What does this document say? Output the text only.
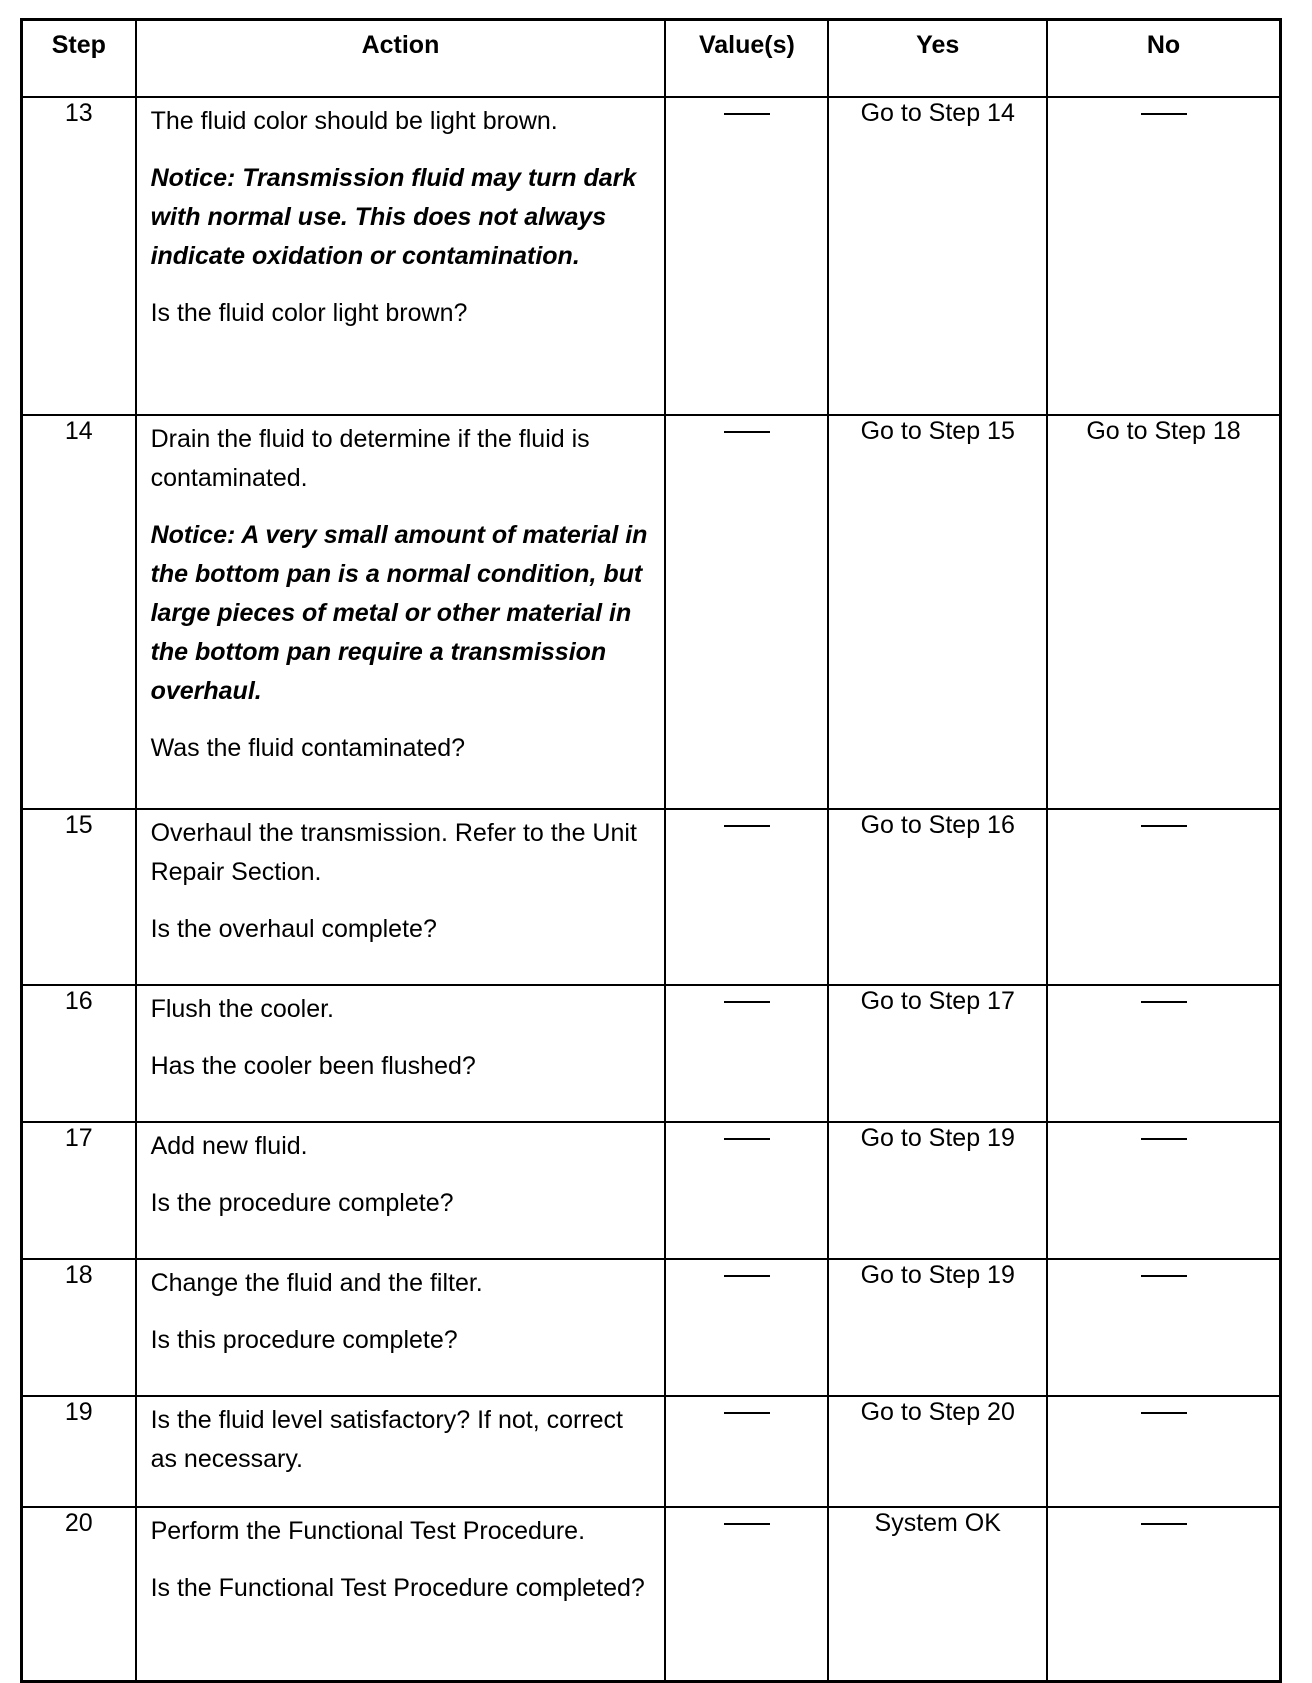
Step	Action	Value(s)	Yes	No
13	The fluid color should be light brown.

Notice: Transmission fluid may turn dark with normal use. This does not always indicate oxidation or contamination.

Is the fluid color light brown?		Go to Step 14	
14	Drain the fluid to determine if the fluid is contaminated.

Notice: A very small amount of material in the bottom pan is a normal condition, but large pieces of metal or other material in the bottom pan require a transmission overhaul.

Was the fluid contaminated?		Go to Step 15	Go to Step 18
15	Overhaul the transmission. Refer to the Unit Repair Section.

Is the overhaul complete?		Go to Step 16	
16	Flush the cooler.

Has the cooler been flushed?		Go to Step 17	
17	Add new fluid.

Is the procedure complete?		Go to Step 19	
18	Change the fluid and the filter.

Is this procedure complete?		Go to Step 19	
19	Is the fluid level satisfactory? If not, correct as necessary.		Go to Step 20	
20	Perform the Functional Test Procedure.

Is the Functional Test Procedure completed?		System OK	
